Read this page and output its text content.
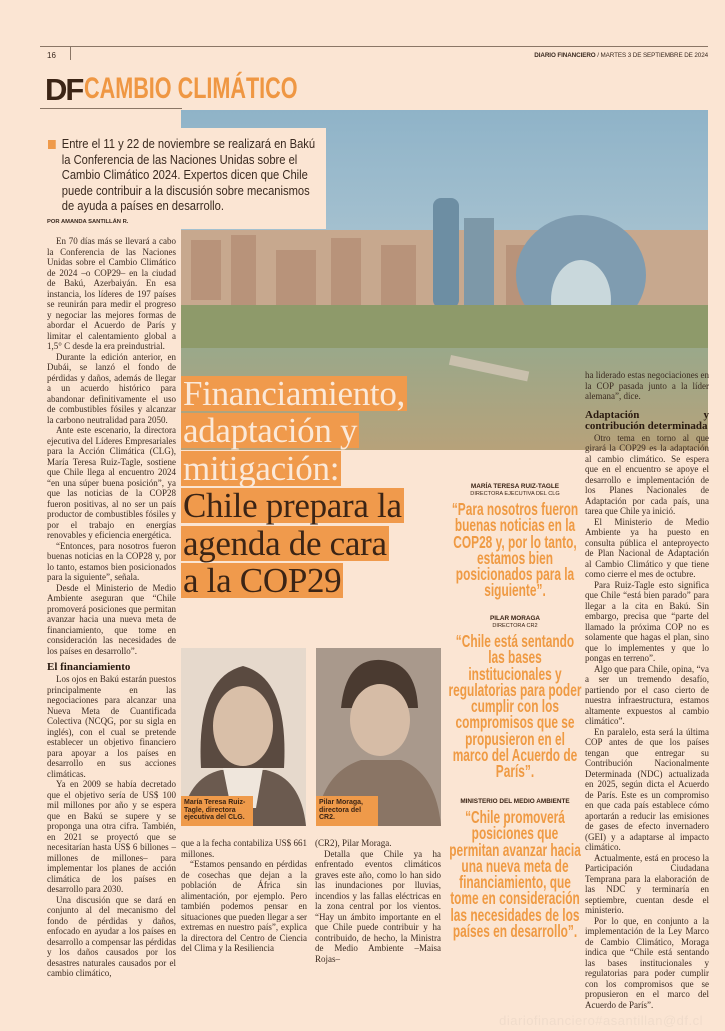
16	DIARIO FINANCIERO / MARTES 3 DE SEPTIEMBRE DE 2024
DFCAMBIO CLIMÁTICO
Entre el 11 y 22 de noviembre se realizará en Bakú la Conferencia de las Naciones Unidas sobre el Cambio Climático 2024. Expertos dicen que Chile puede contribuir a la discusión sobre mecanismos de ayuda a países en desarrollo.
POR AMANDA SANTILLÁN R.

En 70 días más se llevará a cabo la Conferencia de las Naciones Unidas sobre el Cambio Climático de 2024 –o COP29– en la ciudad de Bakú, Azerbaiyán. En esa instancia, los líderes de 197 países se reunirán para medir el progreso y negociar las mejores formas de abordar el Acuerdo de París y limitar el calentamiento global a 1,5° C desde la era preindustrial.

Durante la edición anterior, en Dubái, se lanzó el fondo de pérdidas y daños, además de llegar a un acuerdo histórico para abandonar definitivamente el uso de combustibles fósiles y alcanzar la carbono neutralidad para 2050.

Ante este escenario, la directora ejecutiva del Líderes Empresariales para la Acción Climática (CLG), María Teresa Ruiz-Tagle, sostiene que Chile llega al encuentro 2024 “en una súper buena posición”, ya que las noticias de la COP28 fueron positivas, al no ser un país productor de combustibles fósiles y por el trabajo en energías renovables y eficiencia energética.

“Entonces, para nosotros fueron buenas noticias en la COP28 y, por lo tanto, estamos bien posicionados para la siguiente”, señala.

Desde el Ministerio de Medio Ambiente aseguran que “Chile promoverá posiciones que permitan avanzar hacia una nueva meta de financiamiento, que tome en consideración las necesidades de los países en desarrollo”.

El financiamiento

Los ojos en Bakú estarán puestos principalmente en las negociaciones para alcanzar una Nueva Meta de Cuantificada Colectiva (NCQG, por su sigla en inglés), con el cual se pretende establecer un objetivo financiero para apoyar a los países en desarrollo en sus acciones climáticas.

Ya en 2009 se había decretado que el objetivo sería de US$ 100 mil millones por año y se espera que en Bakú se supere y se proponga una otra cifra. También, en 2021 se proyectó que se necesitarían hasta US$ 6 billones –millones de millones– para implementar los planes de acción climática de los países en desarrollo para 2030.

Una discusión que se dará en conjunto al del mecanismo del fondo de pérdidas y daños, enfocado en ayudar a los países en desarrollo a compensar las pérdidas y los daños causados por los desastres naturales causados por el cambio climático,

Financiamiento,
adaptación y
mitigación:
Chile prepara la
agenda de cara
a la COP29
María Teresa Ruiz-Tagle, directora ejecutiva del CLG.
Pilar Moraga, directora del CR2.

que a la fecha contabiliza US$ 661 millones.

“Estamos pensando en pérdidas de cosechas que dejan a la población de África sin alimentación, por ejemplo. Pero también podemos pensar en situaciones que pueden llegar a ser extremas en nuestro país”, explica la directora del Centro de Ciencia del Clima y la Resiliencia

(CR2), Pilar Moraga.

Detalla que Chile ya ha enfrentado eventos climáticos graves este año, como lo han sido las inundaciones por lluvias, incendios y las fallas eléctricas en la zona central por los vientos. “Hay un ámbito importante en el que Chile puede contribuir y ha contribuido, de hecho, la Ministra de Medio Ambiente –Maisa Rojas–

MARÍA TERESA RUIZ-TAGLE
DIRECTORA EJECUTIVA DEL CLG
“Para nosotros fueron buenas noticias en la COP28 y, por lo tanto, estamos bien posicionados para la siguiente”.
PILAR MORAGA
DIRECTORA CR2
“Chile está sentando las bases institucionales y regulatorias para poder cumplir con los compromisos que se propusieron en el marco del Acuerdo de París”.
MINISTERIO DEL MEDIO AMBIENTE
“Chile promoverá posiciones que permitan avanzar hacia una nueva meta de financiamiento, que tome en consideración las necesidades de los países en desarrollo”.

ha liderado estas negociaciones en la COP pasada junto a la líder alemana”, dice.

Adaptación y contribución determinada

Otro tema en torno al que girará la COP29 es la adaptación al cambio climático. Se espera que en el encuentro se apoye el desarrollo e implementación de los Planes Nacionales de Adaptación por cada país, una tarea que Chile ya inició.

El Ministerio de Medio Ambiente ya ha puesto en consulta pública el anteproyecto de Plan Nacional de Adaptación al Cambio Climático y que tiene como cierre el mes de octubre.

Para Ruiz-Tagle esto significa que Chile “está bien parado” para llegar a la cita en Bakú. Sin embargo, precisa que “parte del llamado la próxima COP no es solamente que hagas el plan, sino que lo implementes y que lo pongas en terreno”.

Algo que para Chile, opina, “va a ser un tremendo desafío, partiendo por el caso cierto de nuestra infraestructura, estamos altamente expuestos al cambio climático”.

En paralelo, esta será la última COP antes de que los países tengan que entregar su Contribución Nacionalmente Determinada (NDC) actualizada en 2025, según dicta el Acuerdo de París. Este es un compromiso en que cada país establece cómo aportarán a reducir las emisiones de gases de efecto invernadero (GEI) y a adaptarse al impacto climático.

Actualmente, está en proceso la Participación Ciudadana Temprana para la elaboración de las NDC y terminaría en septiembre, cuentan desde el ministerio.

Por lo que, en conjunto a la implementación de la Ley Marco de Cambio Climático, Moraga indica que “Chile está sentando las bases institucionales y regulatorias para poder cumplir con los compromisos que se propusieron en el marco del Acuerdo de París”.

diariofinanciero#asantillan@df.cl
